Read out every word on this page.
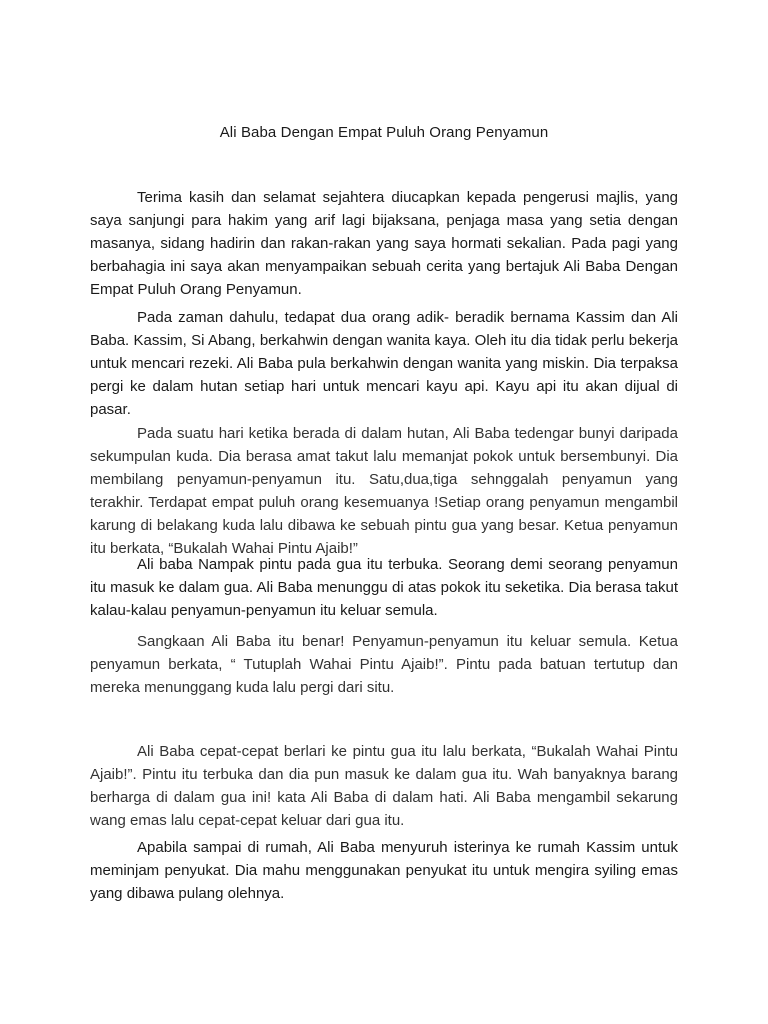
Ali Baba Dengan Empat Puluh Orang Penyamun

Terima kasih dan selamat sejahtera diucapkan kepada pengerusi majlis, yang saya sanjungi para hakim yang arif lagi bijaksana, penjaga masa yang setia dengan masanya, sidang hadirin dan rakan-rakan yang saya hormati sekalian. Pada pagi yang berbahagia ini saya akan menyampaikan sebuah cerita yang bertajuk Ali Baba Dengan Empat Puluh Orang Penyamun.

Pada zaman dahulu, tedapat dua orang adik- beradik bernama Kassim dan Ali Baba. Kassim, Si Abang, berkahwin dengan wanita kaya. Oleh itu dia tidak perlu bekerja untuk mencari rezeki. Ali Baba pula berkahwin dengan wanita yang miskin. Dia terpaksa pergi ke dalam hutan setiap hari untuk mencari kayu api. Kayu api itu akan dijual di pasar.

Pada suatu hari ketika berada di dalam hutan, Ali Baba tedengar bunyi daripada sekumpulan kuda. Dia berasa amat takut lalu memanjat pokok untuk bersembunyi. Dia membilang penyamun-penyamun itu. Satu,dua,tiga sehnggalah penyamun yang terakhir. Terdapat empat puluh orang kesemuanya !Setiap orang penyamun mengambil karung di belakang kuda lalu dibawa ke sebuah pintu gua yang besar. Ketua penyamun itu berkata, “Bukalah Wahai Pintu Ajaib!”

Ali baba Nampak pintu pada gua itu terbuka. Seorang demi seorang penyamun itu masuk ke dalam gua. Ali Baba menunggu di atas pokok itu seketika. Dia berasa takut kalau-kalau penyamun-penyamun itu keluar semula.

Sangkaan Ali Baba itu benar! Penyamun-penyamun itu keluar semula. Ketua penyamun berkata, “ Tutuplah Wahai Pintu Ajaib!”. Pintu pada batuan tertutup dan mereka menunggang kuda lalu pergi dari situ.

Ali Baba cepat-cepat berlari ke pintu gua itu lalu berkata, “Bukalah Wahai Pintu Ajaib!”. Pintu itu terbuka dan dia pun masuk ke dalam gua itu. Wah banyaknya barang berharga di dalam gua ini! kata Ali Baba di dalam hati. Ali Baba mengambil sekarung wang emas lalu cepat-cepat keluar dari gua itu.

Apabila sampai di rumah, Ali Baba menyuruh isterinya ke rumah Kassim untuk meminjam penyukat. Dia mahu menggunakan penyukat itu untuk mengira syiling emas yang dibawa pulang olehnya.
